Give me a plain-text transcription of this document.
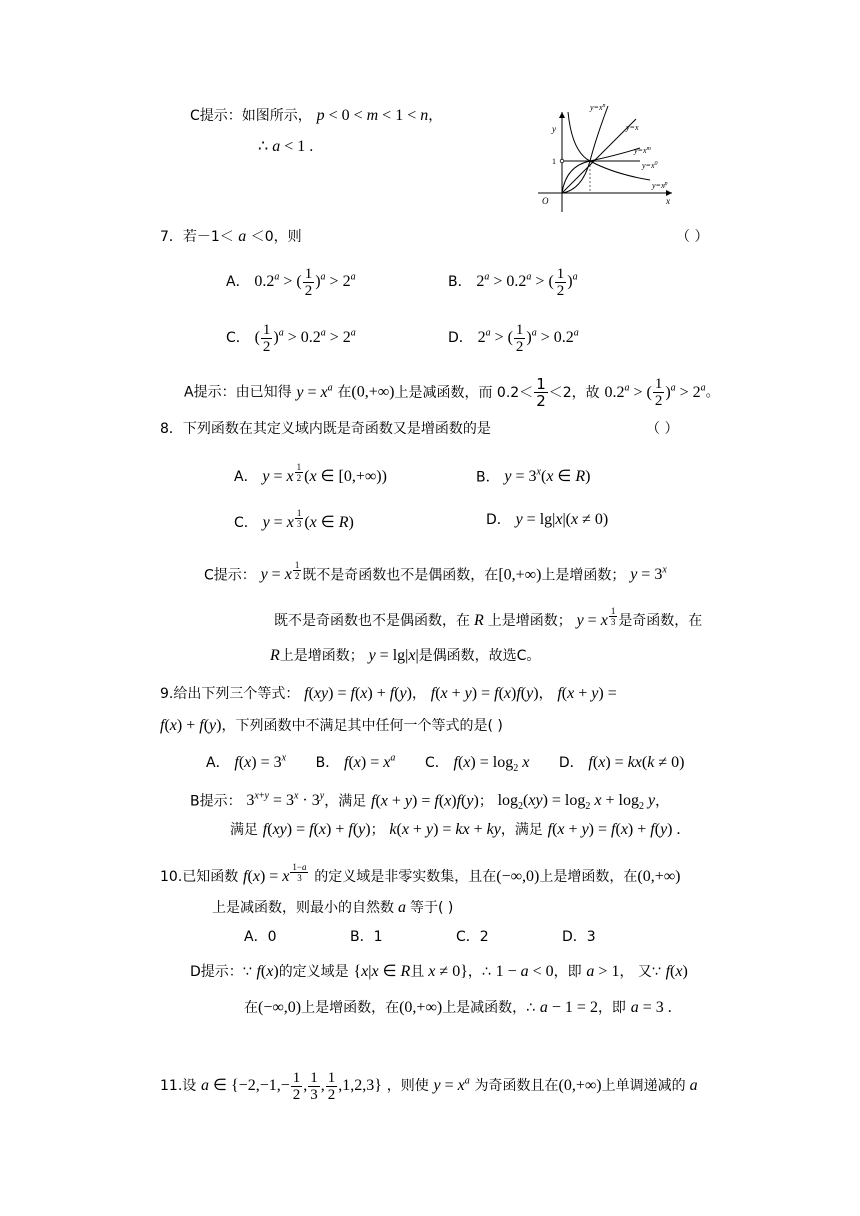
C提示：如图所示， p < 0 < m < 1 < n，
∴ a < 1 .
$y=x^n$
y=x
$y=x^m$
$y=x^0$
$y=x^p$
y
x
O
1
7．若－1＜ a ＜0，则	（ ）
A． 0.2$^a$ > ( $\frac{1}{2} )^a > 2^a$	B． $2^a > 0.2^a$ > ( $\frac{1}{2} )^a$
C． ( $\frac{1}{2} )^a > 0.2^a > 2^a$	D． $2^a$ > ( $\frac{1}{2} )^a > 0.2^a$
A提示：由已知得 $y = x^a$ 在(0,+∞)上是减函数，而 $0.2< \frac{1}{2} <2$，故 0.2$^a$ > ( $\frac{1}{2} )^a > 2^a$。
8．下列函数在其定义域内既是奇函数又是增函数的是	（ ）
A． y = x $^{\frac{1}{2}}$ (x ∈ [0,+∞))	B． $y = 3^x(x$ ∈ R)
C． y = x $^{\frac{1}{3}}$ (x ∈ R)	D． y = lg|x|(x ≠ 0)
C提示： y = x $^{\frac{1}{2}}$ 既不是奇函数也不是偶函数，在[0,+∞)上是增函数； $y = 3^x$
既不是奇函数也不是偶函数，在 R 上是增函数； y = x $^{\frac{1}{3}}$ 是奇函数，在
R上是增函数； y = lg|x|是偶函数，故选C。
9.给出下列三个等式： f(xy) = f(x) + f(y)， f(x + y) = f(x)f(y)， f(x + y) =
f(x) + f(y)，下列函数中不满足其中任何一个等式的是( )
A． $f(x) = 3^x$ B． $f(x) = x^a$ C． $f(x) = \log_2 x$ D． f(x) = kx(k ≠ 0)
B提示： $3^{x+y} = 3^x \cdot 3^y$，满足 f(x + y) = f(x)f(y)； $\log_2(xy) = \log_2 x + \log_2 y$，
满足 f(xy) = f(x) + f(y)； k(x + y) = kx + ky，满足 f(x + y) = f(x) + f(y) .
10.已知函数 f(x) = x $^{\frac{1-a}{3}}$ 的定义域是非零实数集，且在(−∞,0)上是增函数，在(0,+∞)
上是减函数，则最小的自然数 a 等于( )
A．0	B．1	C．2	D．3
D提示：∵ f(x)的定义域是 {x|x ∈ R且 x ≠ 0}，∴ 1 − a < 0，即 a > 1， 又∵ f(x)
在(−∞,0)上是增函数，在(0,+∞)上是减函数，∴ a − 1 = 2，即 a = 3 .
11.设 a ∈ {$-2,-1,- \frac{1}{2}$ , $\frac{1}{3}$ , $\frac{1}{2} ,1,2,3$} ，则使 $y = x^a$ 为奇函数且在(0,+∞)上单调递减的 a
